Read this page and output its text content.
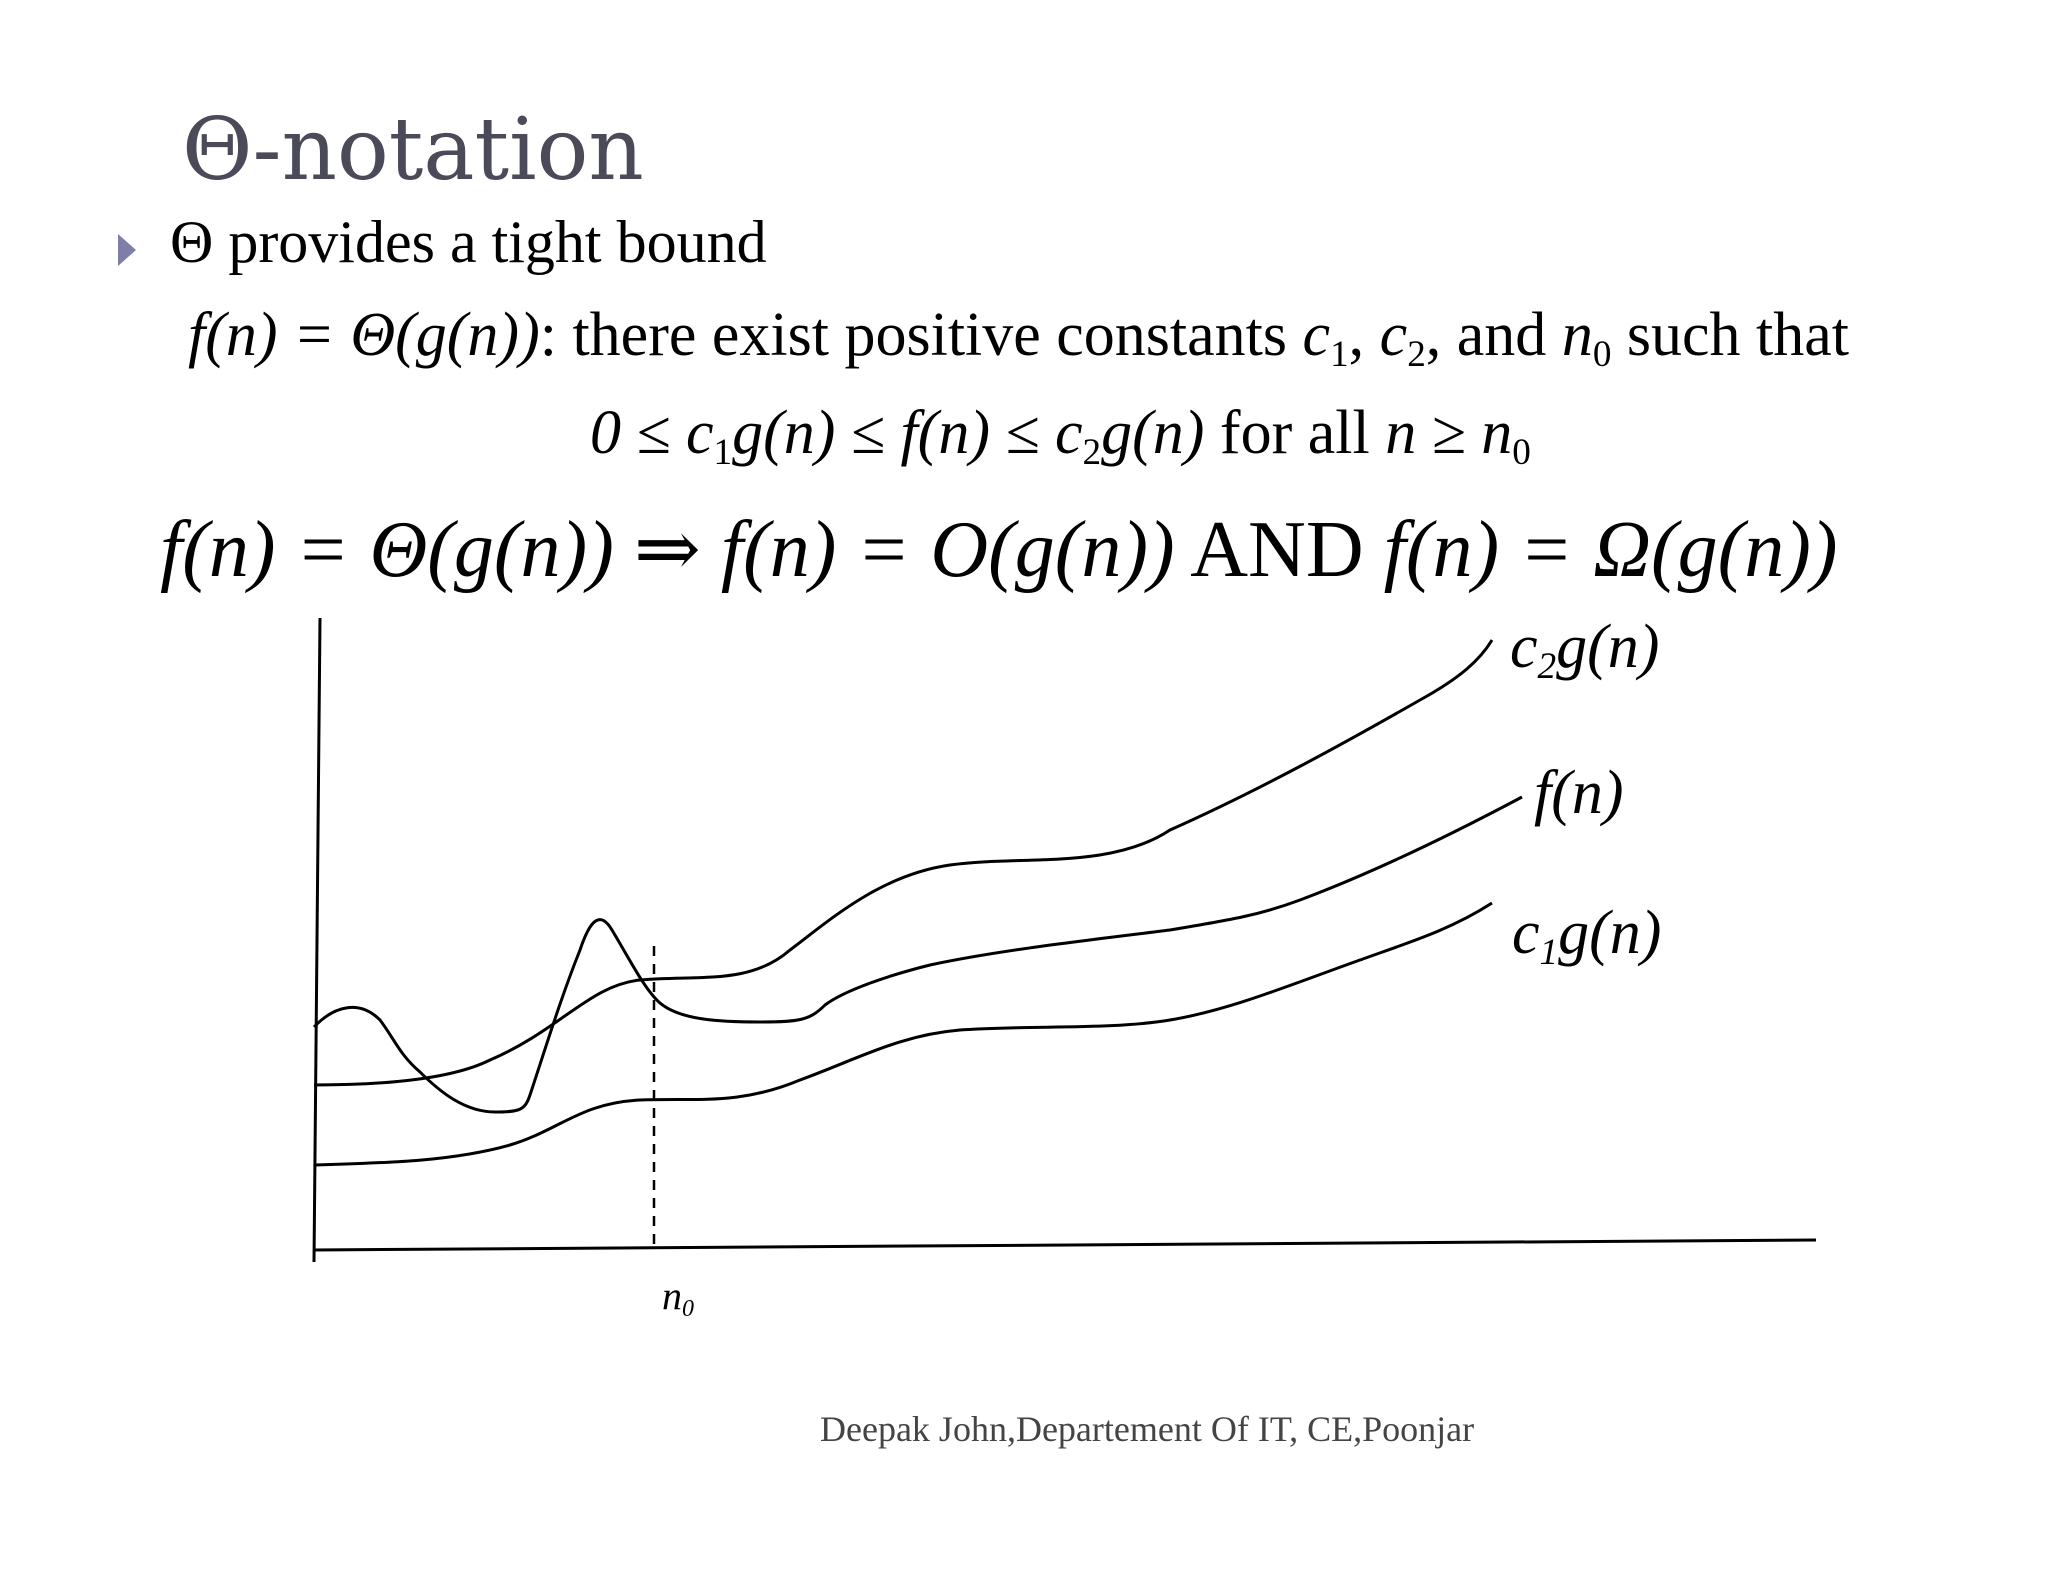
Θ-notation
Θ provides a tight bound
f(n) = Θ(g(n)): there exist positive constants $c_1$, $c_2$, and $n_0$ such that
$0 \le c_1g(n) \le f(n) \le c_2g(n)$ for all $n \ge n_0$
f(n) = Θ(g(n)) ⇒ f(n) = O(g(n)) AND f(n) = Ω(g(n))
$c_2g(n)$
f(n)
$c_1g(n)$
$n_0$
Deepak John,Departement Of IT, CE,Poonjar
